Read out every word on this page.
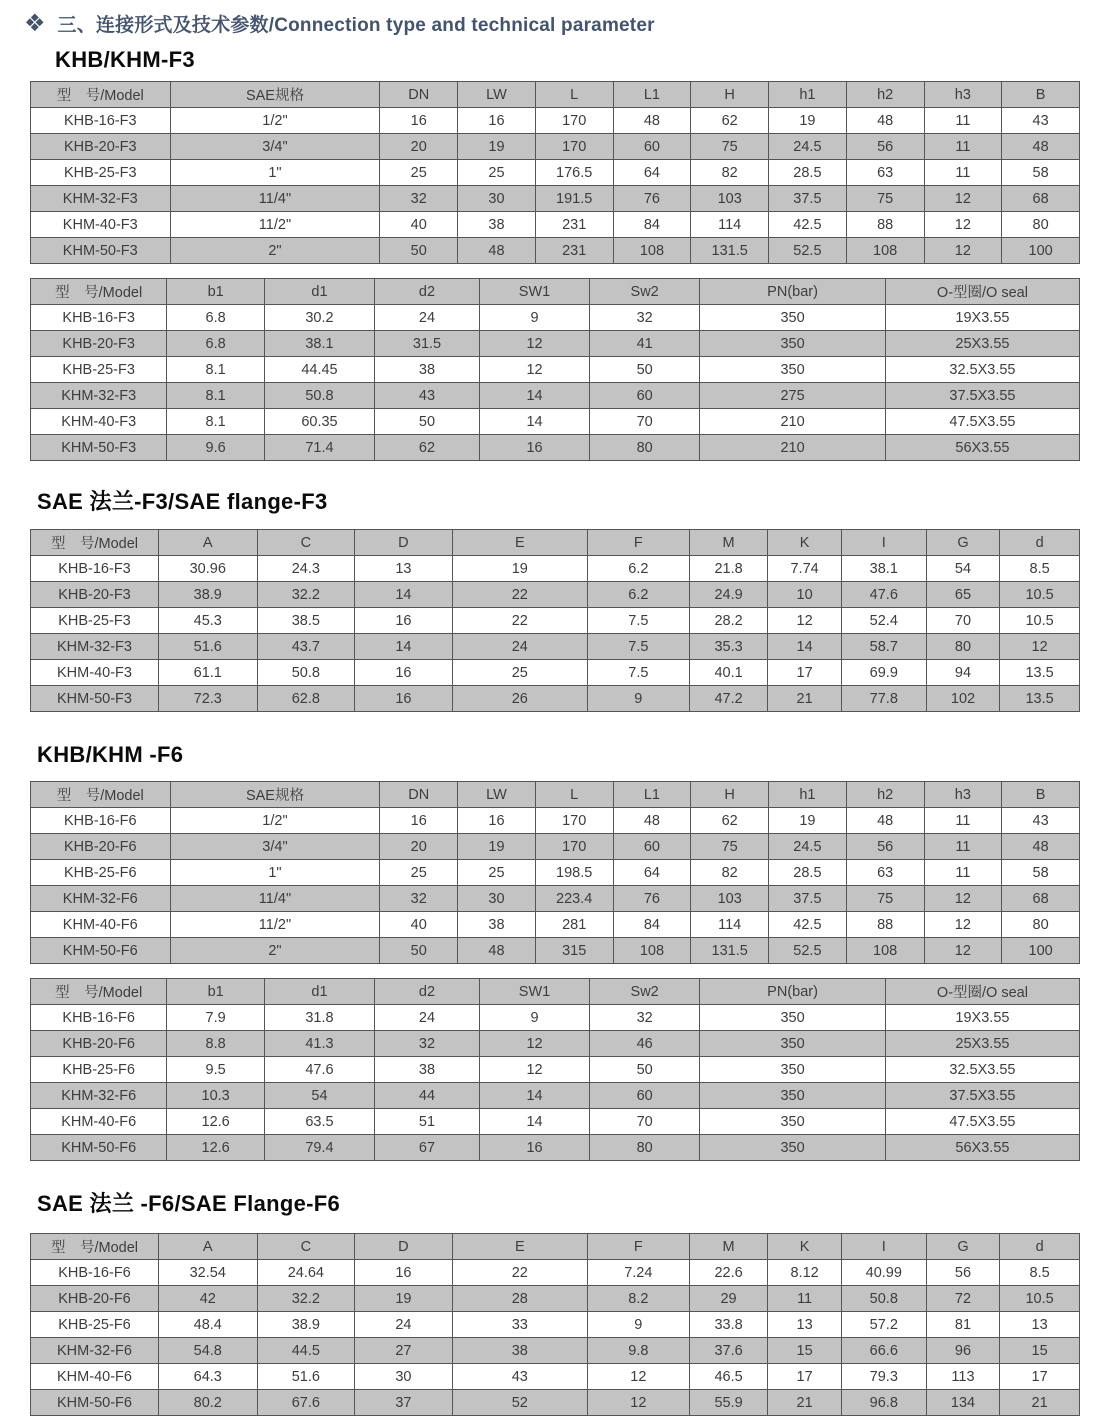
❖ 三、连接形式及技术参数/Connection type and technical parameter
KHB/KHM-F3
型　号/Model	SAE规格	DN	LW	L	L1	H	h1	h2	h3	B
KHB-16-F3	1/2"	16	16	170	48	62	19	48	11	43
KHB-20-F3	3/4"	20	19	170	60	75	24.5	56	11	48
KHB-25-F3	1"	25	25	176.5	64	82	28.5	63	11	58
KHM-32-F3	11/4"	32	30	191.5	76	103	37.5	75	12	68
KHM-40-F3	11/2"	40	38	231	84	114	42.5	88	12	80
KHM-50-F3	2"	50	48	231	108	131.5	52.5	108	12	100
型　号/Model	b1	d1	d2	SW1	Sw2	PN(bar)	O-型圈/O seal
KHB-16-F3	6.8	30.2	24	9	32	350	19X3.55
KHB-20-F3	6.8	38.1	31.5	12	41	350	25X3.55
KHB-25-F3	8.1	44.45	38	12	50	350	32.5X3.55
KHM-32-F3	8.1	50.8	43	14	60	275	37.5X3.55
KHM-40-F3	8.1	60.35	50	14	70	210	47.5X3.55
KHM-50-F3	9.6	71.4	62	16	80	210	56X3.55
SAE 法兰-F3/SAE flange-F3
型　号/Model	A	C	D	E	F	M	K	I	G	d
KHB-16-F3	30.96	24.3	13	19	6.2	21.8	7.74	38.1	54	8.5
KHB-20-F3	38.9	32.2	14	22	6.2	24.9	10	47.6	65	10.5
KHB-25-F3	45.3	38.5	16	22	7.5	28.2	12	52.4	70	10.5
KHM-32-F3	51.6	43.7	14	24	7.5	35.3	14	58.7	80	12
KHM-40-F3	61.1	50.8	16	25	7.5	40.1	17	69.9	94	13.5
KHM-50-F3	72.3	62.8	16	26	9	47.2	21	77.8	102	13.5
KHB/KHM -F6
型　号/Model	SAE规格	DN	LW	L	L1	H	h1	h2	h3	B
KHB-16-F6	1/2"	16	16	170	48	62	19	48	11	43
KHB-20-F6	3/4"	20	19	170	60	75	24.5	56	11	48
KHB-25-F6	1"	25	25	198.5	64	82	28.5	63	11	58
KHM-32-F6	11/4"	32	30	223.4	76	103	37.5	75	12	68
KHM-40-F6	11/2"	40	38	281	84	114	42.5	88	12	80
KHM-50-F6	2"	50	48	315	108	131.5	52.5	108	12	100
型　号/Model	b1	d1	d2	SW1	Sw2	PN(bar)	O-型圈/O seal
KHB-16-F6	7.9	31.8	24	9	32	350	19X3.55
KHB-20-F6	8.8	41.3	32	12	46	350	25X3.55
KHB-25-F6	9.5	47.6	38	12	50	350	32.5X3.55
KHM-32-F6	10.3	54	44	14	60	350	37.5X3.55
KHM-40-F6	12.6	63.5	51	14	70	350	47.5X3.55
KHM-50-F6	12.6	79.4	67	16	80	350	56X3.55
SAE 法兰 -F6/SAE Flange-F6
型　号/Model	A	C	D	E	F	M	K	I	G	d
KHB-16-F6	32.54	24.64	16	22	7.24	22.6	8.12	40.99	56	8.5
KHB-20-F6	42	32.2	19	28	8.2	29	11	50.8	72	10.5
KHB-25-F6	48.4	38.9	24	33	9	33.8	13	57.2	81	13
KHM-32-F6	54.8	44.5	27	38	9.8	37.6	15	66.6	96	15
KHM-40-F6	64.3	51.6	30	43	12	46.5	17	79.3	113	17
KHM-50-F6	80.2	67.6	37	52	12	55.9	21	96.8	134	21
